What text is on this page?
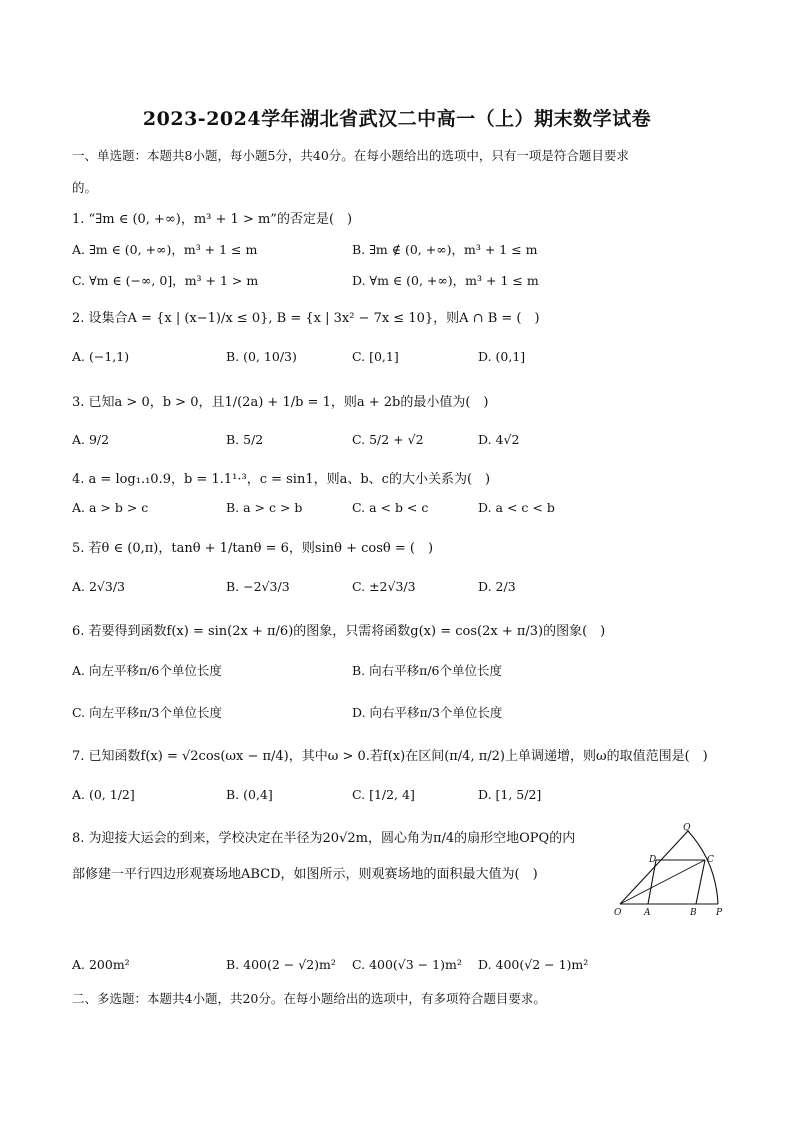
2023-2024学年湖北省武汉二中高一（上）期末数学试卷
一、单选题：本题共8小题，每小题5分，共40分。在每小题给出的选项中，只有一项是符合题目要求
的。
1. “∃m ∈ (0, +∞)，m³ + 1 > m”的否定是(　)
A. ∃m ∈ (0, +∞)，m³ + 1 ≤ m	B. ∃m ∉ (0, +∞)，m³ + 1 ≤ m
C. ∀m ∈ (−∞, 0]，m³ + 1 > m	D. ∀m ∈ (0, +∞)，m³ + 1 ≤ m
2. 设集合A = {x | (x−1)/x ≤ 0}, B = {x | 3x² − 7x ≤ 10}，则A ∩ B = (　)
A. (−1,1)	B. (0, 10/3)	C. [0,1]	D. (0,1]
3. 已知a > 0，b > 0，且1/(2a) + 1/b = 1，则a + 2b的最小值为(　)
A. 9/2	B. 5/2	C. 5/2 + √2	D. 4√2
4. a = log₁.₁0.9，b = 1.1¹·³，c = sin1，则a、b、c的大小关系为(　)
A. a > b > c	B. a > c > b	C. a < b < c	D. a < c < b
5. 若θ ∈ (0,π)，tanθ + 1/tanθ = 6，则sinθ + cosθ = (　)
A. 2√3/3	B. −2√3/3	C. ±2√3/3	D. 2/3
6. 若要得到函数f(x) = sin(2x + π/6)的图象，只需将函数g(x) = cos(2x + π/3)的图象(　)
A. 向左平移π/6个单位长度	B. 向右平移π/6个单位长度
C. 向左平移π/3个单位长度	D. 向右平移π/3个单位长度
7. 已知函数f(x) = √2cos(ωx − π/4)，其中ω > 0.若f(x)在区间(π/4, π/2)上单调递增，则ω的取值范围是(　)
A. (0, 1/2]	B. (0,4]	C. [1/2, 4]	D. [1, 5/2]
8. 为迎接大运会的到来，学校决定在半径为20√2m，圆心角为π/4的扇形空地OPQ的内
部修建一平行四边形观赛场地ABCD，如图所示，则观赛场地的面积最大值为(　)
Q
D	C
O	A	B P
A. 200m²	B. 400(2 − √2)m² C. 400(√3 − 1)m² D. 400(√2 − 1)m²
二、多选题：本题共4小题，共20分。在每小题给出的选项中，有多项符合题目要求。
